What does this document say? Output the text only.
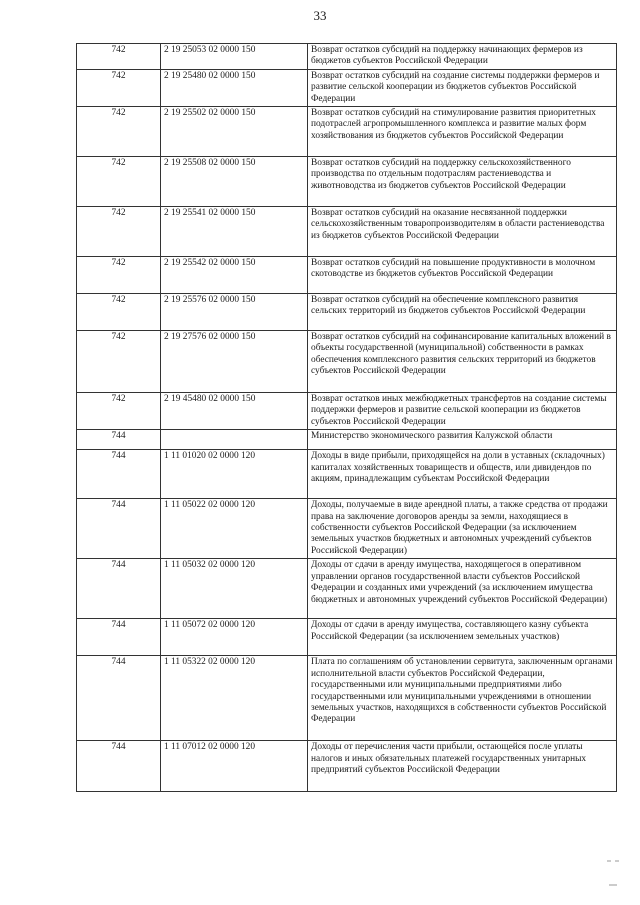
33
742	2 19 25053 02 0000 150	Возврат остатков субсидий на поддержку начинающих фермеров из бюджетов субъектов Российской Федерации
742	2 19 25480 02 0000 150	Возврат остатков субсидий на создание системы поддержки фермеров и развитие сельской кооперации из бюджетов субъектов Российской Федерации
742	2 19 25502 02 0000 150	Возврат остатков субсидий на стимулирование развития приоритетных подотраслей агропромышленного комплекса и развитие малых форм хозяйствования из бюджетов субъектов Российской Федерации
742	2 19 25508 02 0000 150	Возврат остатков субсидий на поддержку сельскохозяйственного производства по отдельным подотраслям растениеводства и животноводства из бюджетов субъектов Российской Федерации
742	2 19 25541 02 0000 150	Возврат остатков субсидий на оказание несвязанной поддержки сельскохозяйственным товаропроизводителям в области растениеводства из бюджетов субъектов Российской Федерации
742	2 19 25542 02 0000 150	Возврат остатков субсидий на повышение продуктивности в молочном скотоводстве из бюджетов субъектов Российской Федерации
742	2 19 25576 02 0000 150	Возврат остатков субсидий на обеспечение комплексного развития сельских территорий из бюджетов субъектов Российской Федерации
742	2 19 27576 02 0000 150	Возврат остатков субсидий на софинансирование капитальных вложений в объекты государственной (муниципальной) собственности в рамках обеспечения комплексного развития сельских территорий из бюджетов субъектов Российской Федерации
742	2 19 45480 02 0000 150	Возврат остатков иных межбюджетных трансфертов на создание системы поддержки фермеров и развитие сельской кооперации из бюджетов субъектов Российской Федерации
744		Министерство экономического развития Калужской области
744	1 11 01020 02 0000 120	Доходы в виде прибыли, приходящейся на доли в уставных (складочных) капиталах хозяйственных товариществ и обществ, или дивидендов по акциям, принадлежащим субъектам Российской Федерации
744	1 11 05022 02 0000 120	Доходы, получаемые в виде арендной платы, а также средства от продажи права на заключение договоров аренды за земли, находящиеся в собственности субъектов Российской Федерации (за исключением земельных участков бюджетных и автономных учреждений субъектов Российской Федерации)
744	1 11 05032 02 0000 120	Доходы от сдачи в аренду имущества, находящегося в оперативном управлении органов государственной власти субъектов Российской Федерации и созданных ими учреждений (за исключением имущества бюджетных и автономных учреждений субъектов Российской Федерации)
744	1 11 05072 02 0000 120	Доходы от сдачи в аренду имущества, составляющего казну субъекта Российской Федерации (за исключением земельных участков)
744	1 11 05322 02 0000 120	Плата по соглашениям об установлении сервитута, заключенным органами исполнительной власти субъектов Российской Федерации, государственными или муниципальными предприятиями либо государственными или муниципальными учреждениями в отношении земельных участков, находящихся в собственности субъектов Российской Федерации
744	1 11 07012 02 0000 120	Доходы от перечисления части прибыли, остающейся после уплаты налогов и иных обязательных платежей государственных унитарных предприятий субъектов Российской Федерации
